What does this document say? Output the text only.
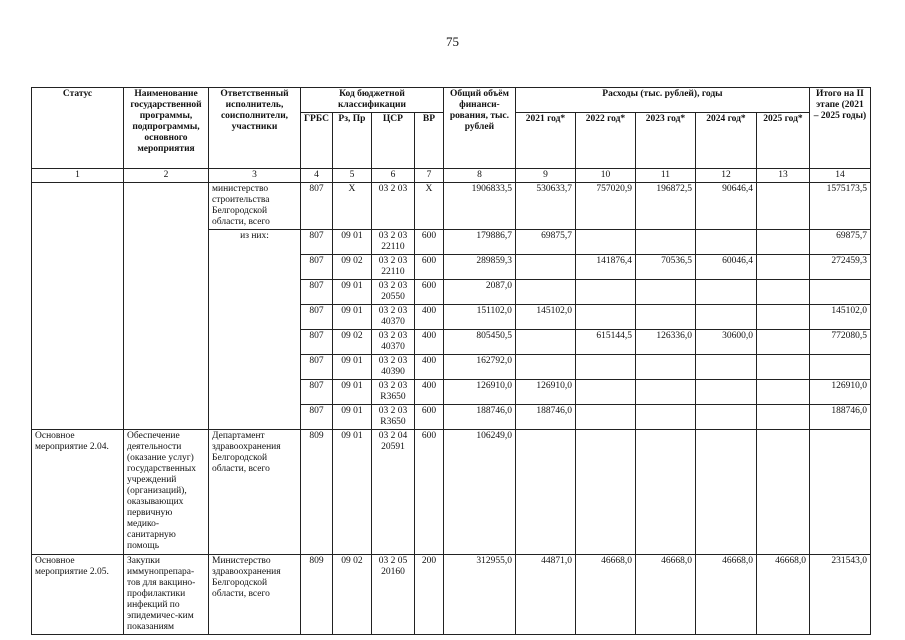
75
Статус	Наименование государственной программы, подпрограммы, основного мероприятия	Ответственный исполнитель, соисполнители, участники	Код бюджетной классификации				Общий объём финанси-рования, тыс. рублей	Расходы (тыс. рублей), годы					Итого на II этапе (2021 – 2025 годы)
			ГРБС	Рз, Пр	ЦСР	ВР		2021 год*	2022 год*	2023 год*	2024 год*	2025 год*	
1	2	3	4	5	6	7	8	9	10	11	12	13	14
		министерство строительства Белгородской области, всего	807	X	03 2 03	X	1906833,5	530633,7	757020,9	196872,5	90646,4		1575173,5
		из них:	807	09 01	03 2 03 22110	600	179886,7	69875,7					69875,7
			807	09 02	03 2 03 22110	600	289859,3		141876,4	70536,5	60046,4		272459,3
			807	09 01	03 2 03 20550	600	2087,0						
			807	09 01	03 2 03 40370	400	151102,0	145102,0					145102,0
			807	09 02	03 2 03 40370	400	805450,5		615144,5	126336,0	30600,0		772080,5
			807	09 01	03 2 03 40390	400	162792,0						
			807	09 01	03 2 03 R3650	400	126910,0	126910,0					126910,0
			807	09 01	03 2 03 R3650	600	188746,0	188746,0					188746,0
Основное мероприятие 2.04.	Обеспечение деятельности (оказание услуг) государственных учреждений (организаций), оказывающих первичную медико-санитарную помощь	Департамент здравоохранения Белгородской области, всего	809	09 01	03 2 04 20591	600	106249,0						
Основное мероприятие 2.05.	Закупки иммунопрепара-тов для вакцино-профилактики инфекций по эпидемичес-ким показаниям	Министерство здравоохранения Белгородской области, всего	809	09 02	03 2 05 20160	200	312955,0	44871,0	46668,0	46668,0	46668,0	46668,0	231543,0
